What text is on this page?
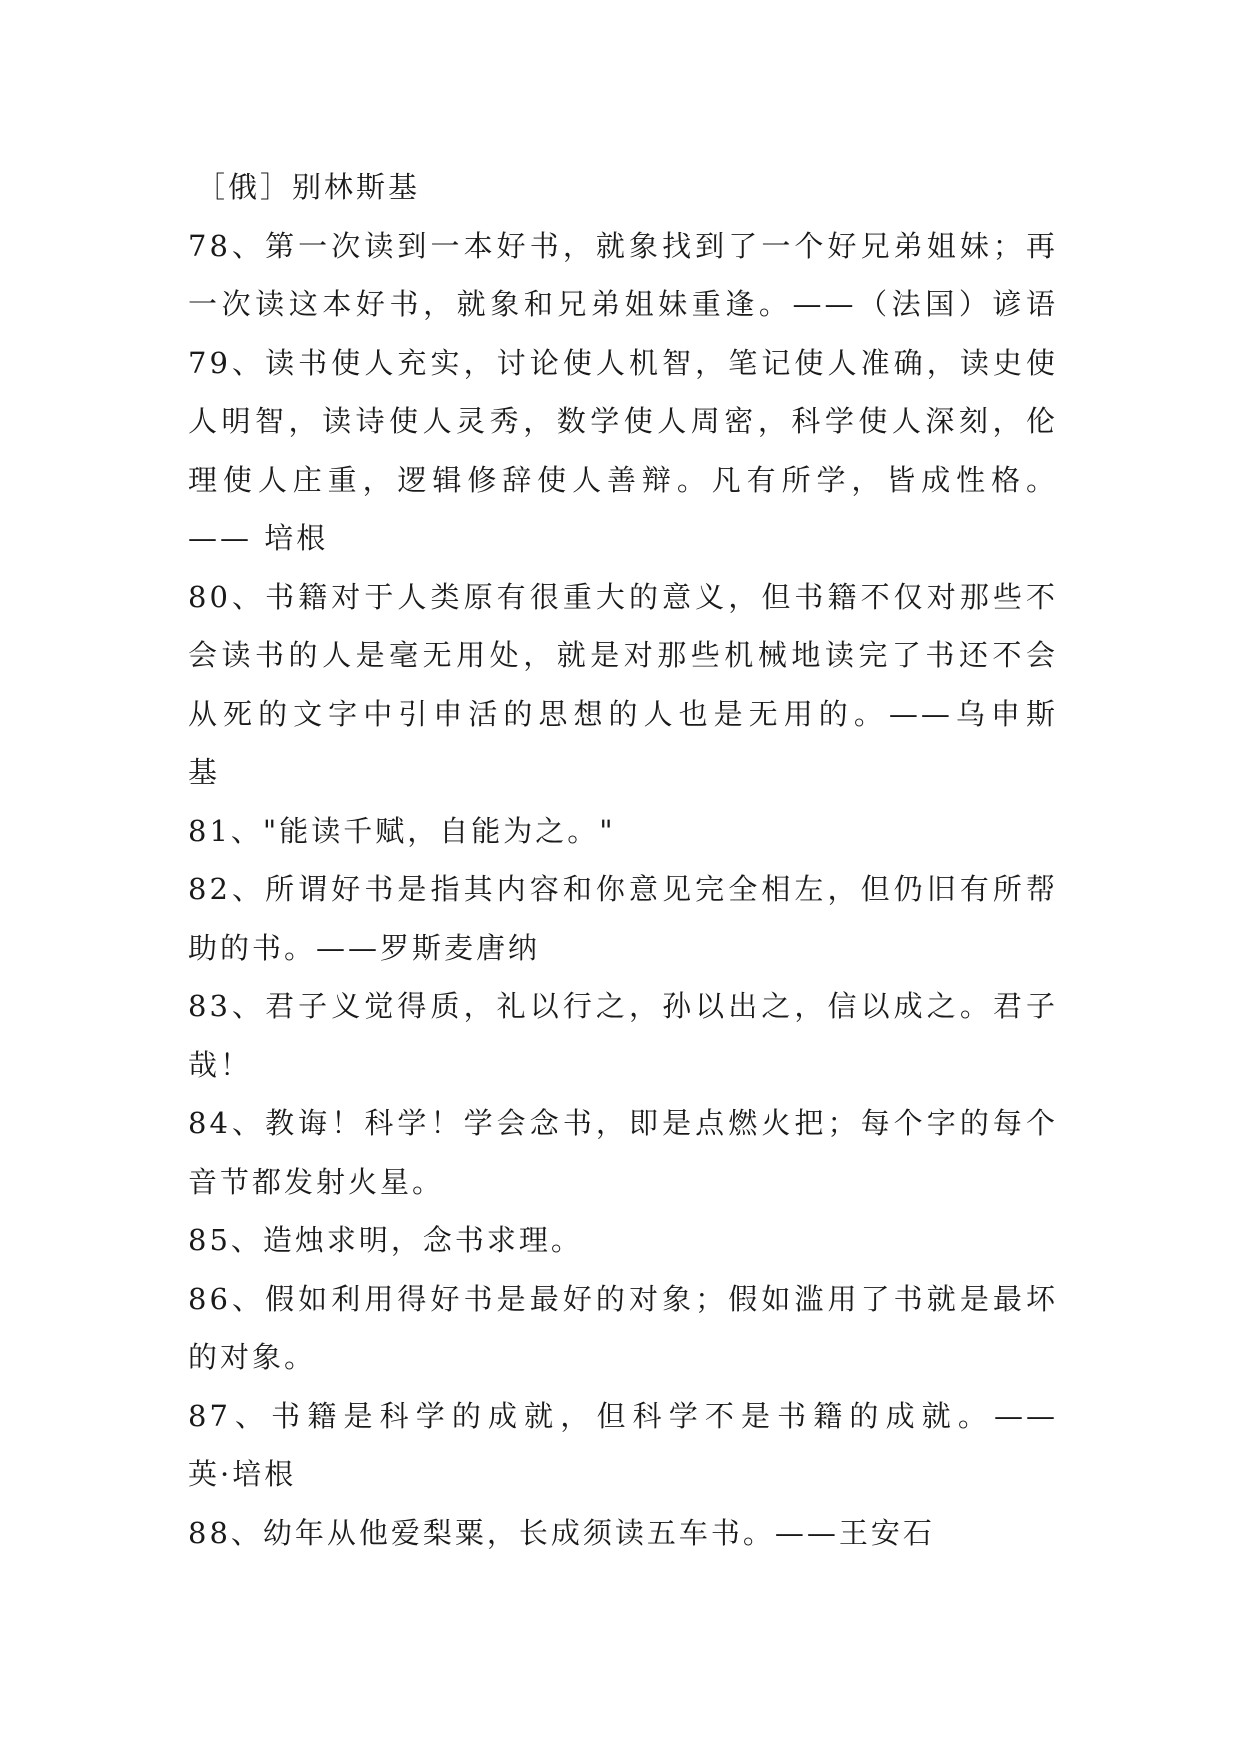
［俄］别林斯基
78、第一次读到一本好书，就象找到了一个好兄弟姐妹；再
一次读这本好书，就象和兄弟姐妹重逢。——（法国）谚语
79、读书使人充实，讨论使人机智，笔记使人准确，读史使
人明智，读诗使人灵秀，数学使人周密，科学使人深刻，伦
理使人庄重，逻辑修辞使人善辩。凡有所学，皆成性格。
—— 培根
80、书籍对于人类原有很重大的意义，但书籍不仅对那些不
会读书的人是毫无用处，就是对那些机械地读完了书还不会
从死的文字中引申活的思想的人也是无用的。——乌申斯
基
81、"能读千赋，自能为之。"
82、所谓好书是指其内容和你意见完全相左，但仍旧有所帮
助的书。——罗斯麦唐纳
83、君子义觉得质，礼以行之，孙以出之，信以成之。君子
哉！
84、教诲！科学！学会念书，即是点燃火把；每个字的每个
音节都发射火星。
85、造烛求明，念书求理。
86、假如利用得好书是最好的对象；假如滥用了书就是最坏
的对象。
87、书籍是科学的成就，但科学不是书籍的成就。——
英·培根
88、幼年从他爱梨粟，长成须读五车书。——王安石
